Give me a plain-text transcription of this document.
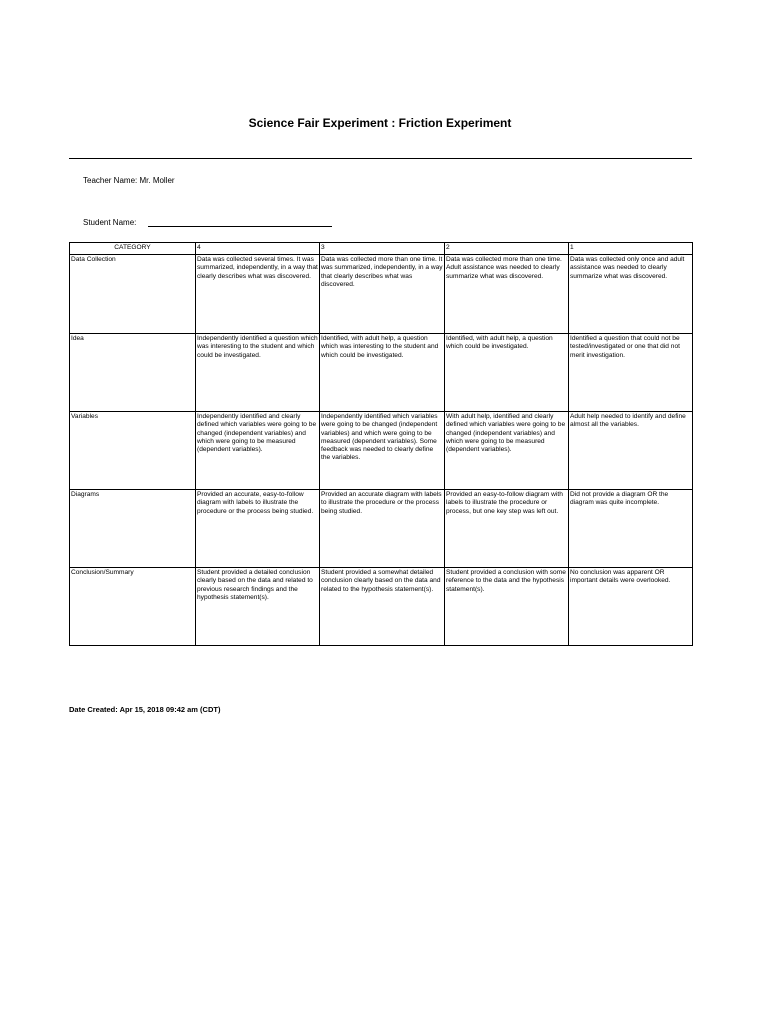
Science Fair Experiment : Friction Experiment
Teacher Name: Mr. Moller
Student Name:
CATEGORY	4	3	2	1
Data Collection	Data was collected several times. It was summarized, independently, in a way that clearly describes what was discovered.	Data was collected more than one time. It was summarized, independently, in a way that clearly describes what was discovered.	Data was collected more than one time. Adult assistance was needed to clearly summarize what was discovered.	Data was collected only once and adult assistance was needed to clearly summarize what was discovered.
Idea	Independently identified a question which was interesting to the student and which could be investigated.	Identified, with adult help, a question which was interesting to the student and which could be investigated.	Identified, with adult help, a question which could be investigated.	Identified a question that could not be tested/investigated or one that did not merit investigation.
Variables	Independently identified and clearly defined which variables were going to be changed (independent variables) and which were going to be measured (dependent variables).	Independently identified which variables were going to be changed (independent variables) and which were going to be measured (dependent variables). Some feedback was needed to clearly define the variables.	With adult help, identified and clearly defined which variables were going to be changed (independent variables) and which were going to be measured (dependent variables).	Adult help needed to identify and define almost all the variables.
Diagrams	Provided an accurate, easy-to-follow diagram with labels to illustrate the procedure or the process being studied.	Provided an accurate diagram with labels to illustrate the procedure or the process being studied.	Provided an easy-to-follow diagram with labels to illustrate the procedure or process, but one key step was left out.	Did not provide a diagram OR the diagram was quite incomplete.
Conclusion/Summary	Student provided a detailed conclusion clearly based on the data and related to previous research findings and the hypothesis statement(s).	Student provided a somewhat detailed conclusion clearly based on the data and related to the hypothesis statement(s).	Student provided a conclusion with some reference to the data and the hypothesis statement(s).	No conclusion was apparent OR important details were overlooked.
Date Created: Apr 15, 2018 09:42 am (CDT)
